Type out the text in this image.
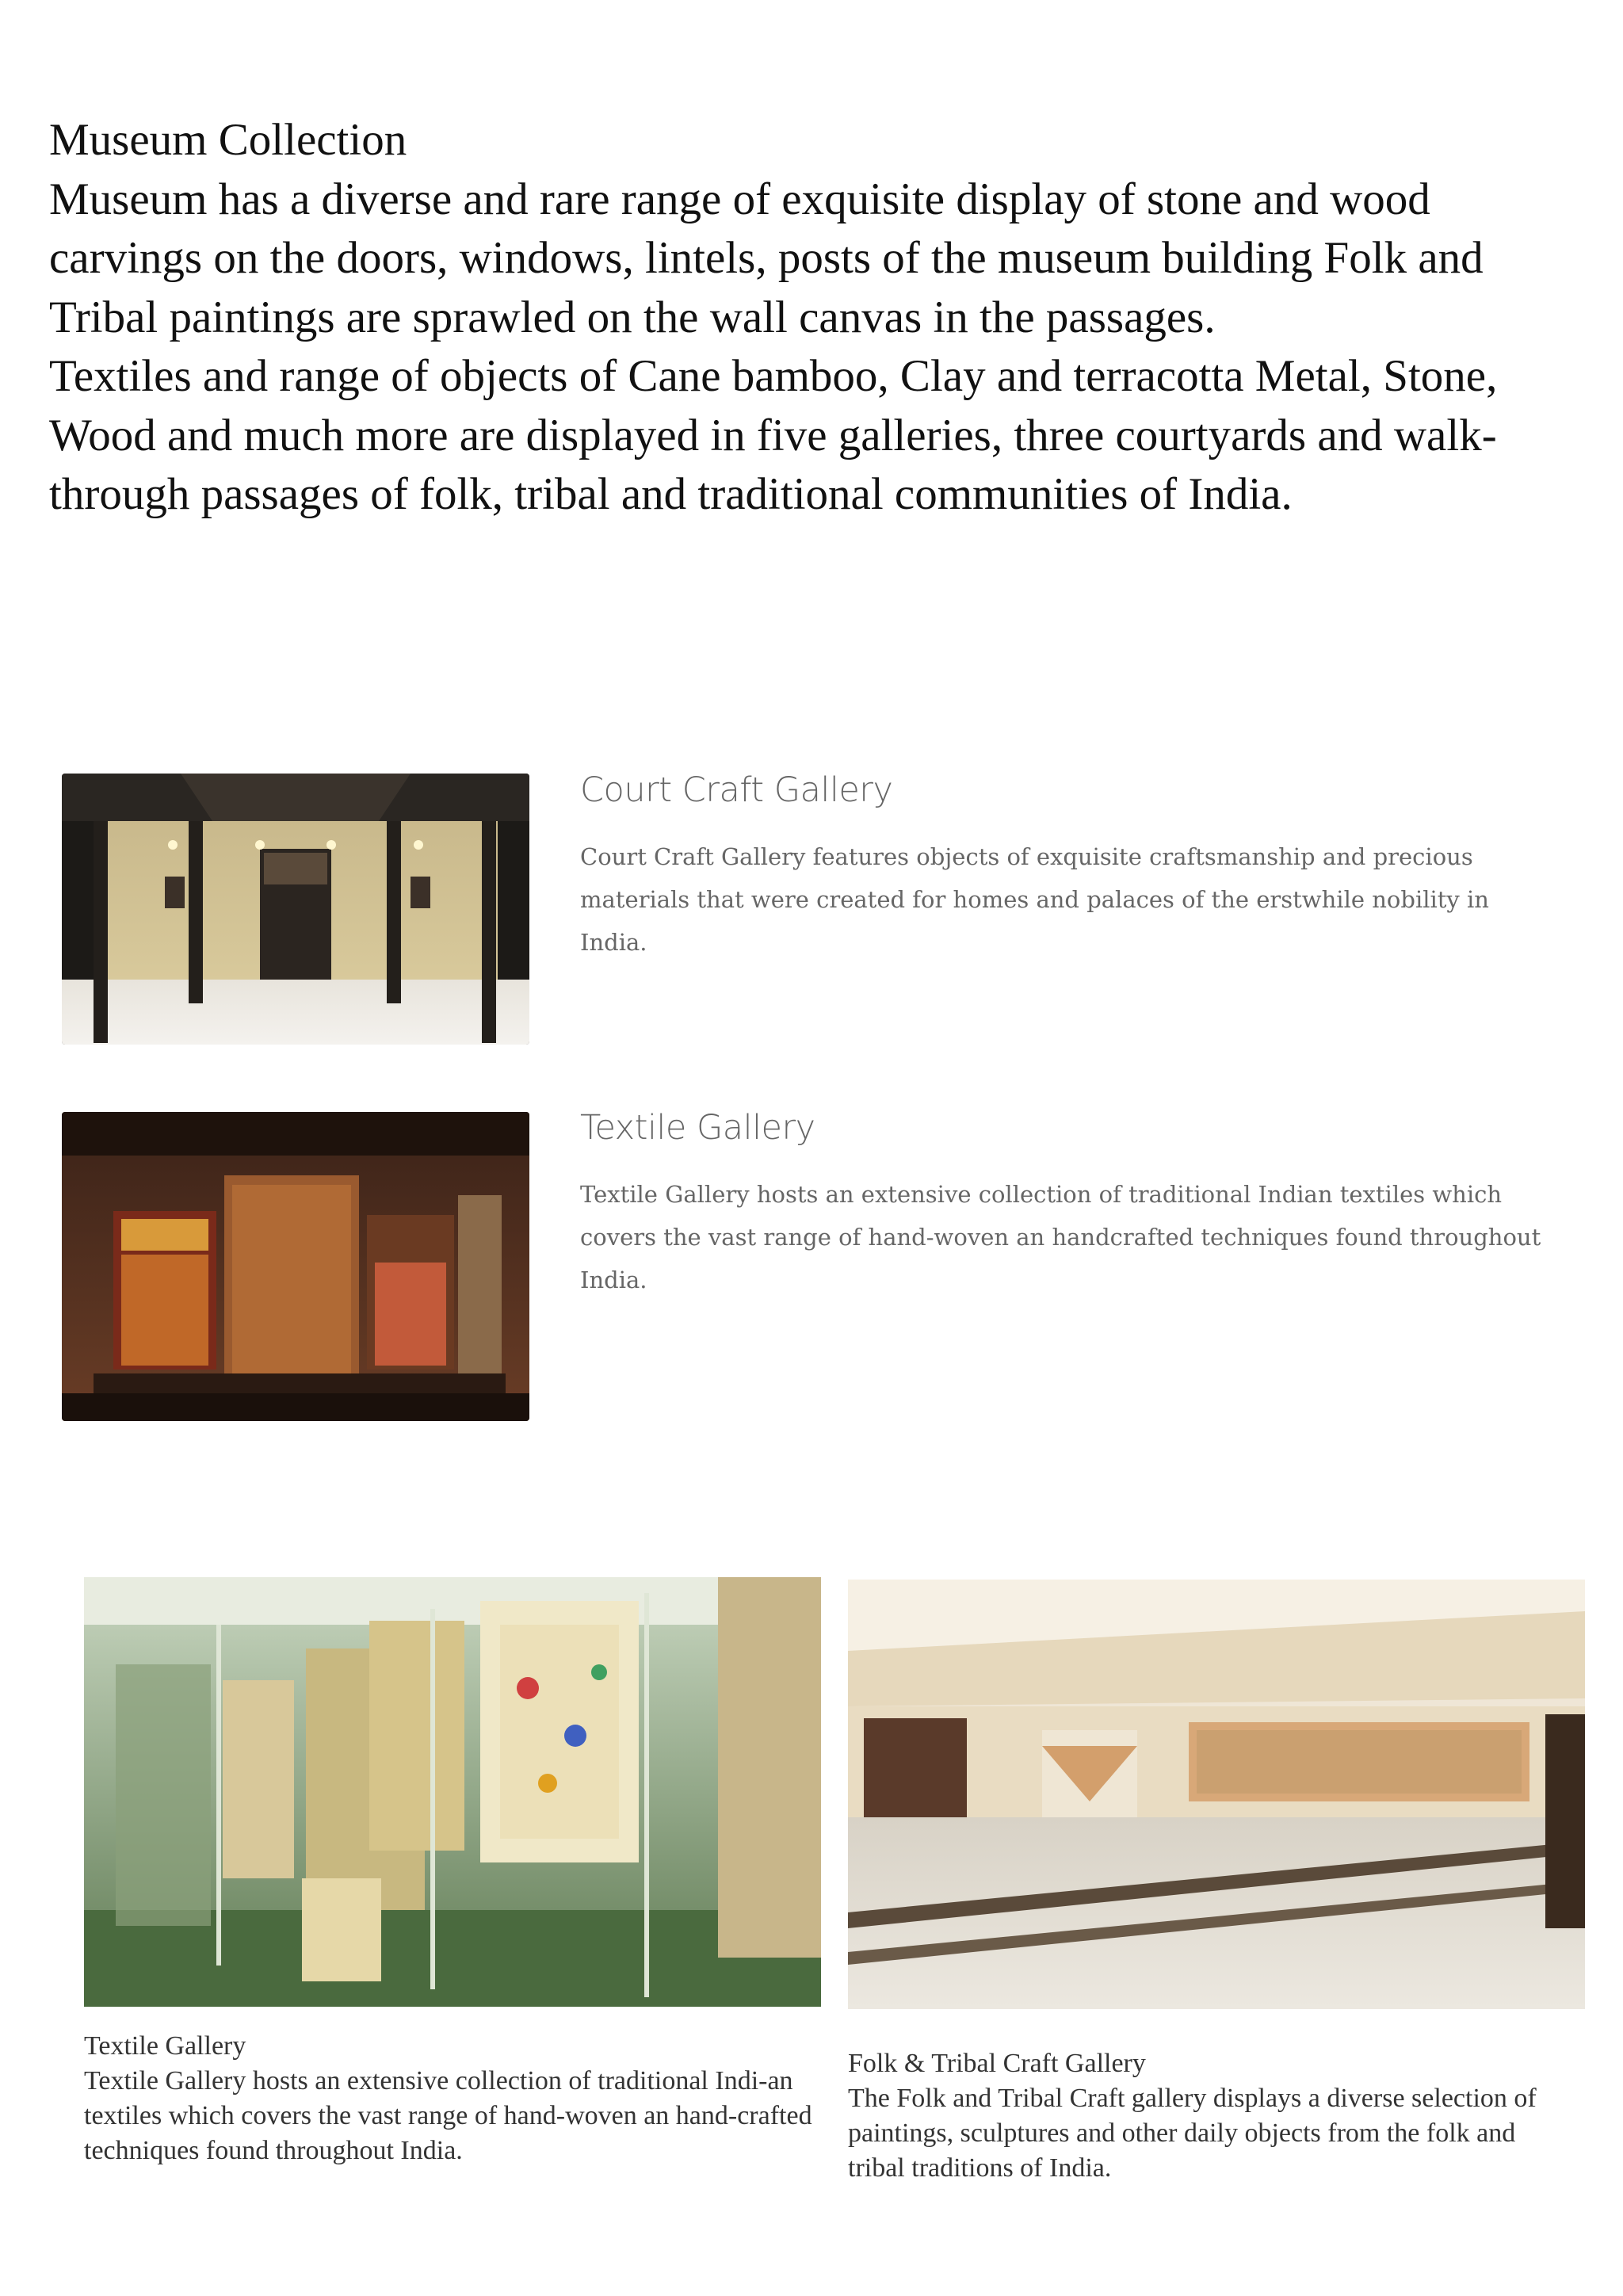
Museum Collection

Museum has a diverse and rare range of exquisite display of stone and wood carvings on the doors, windows, lintels, posts of the museum building Folk and Tribal paintings are sprawled on the wall canvas in the passages.

Textiles and range of objects of Cane bamboo, Clay and terracotta Metal, Stone, Wood and much more are displayed in five galleries, three courtyards and walk-through passages of folk, tribal and traditional communities of India.

Court Craft Gallery
Court Craft Gallery features objects of exquisite craftsmanship and precious materials that were created for homes and palaces of the erstwhile nobility in India.
Textile Gallery
Textile Gallery hosts an extensive collection of traditional Indian textiles which covers the vast range of hand-woven an handcrafted techniques found throughout India.

Textile Gallery

Textile Gallery hosts an extensive collection of traditional Indi-an textiles which covers the vast range of hand-woven an hand-crafted techniques found throughout India.

Folk & Tribal Craft Gallery

The Folk and Tribal Craft gallery displays a diverse selection of paintings, sculptures and other daily objects from the folk and tribal traditions of India.
